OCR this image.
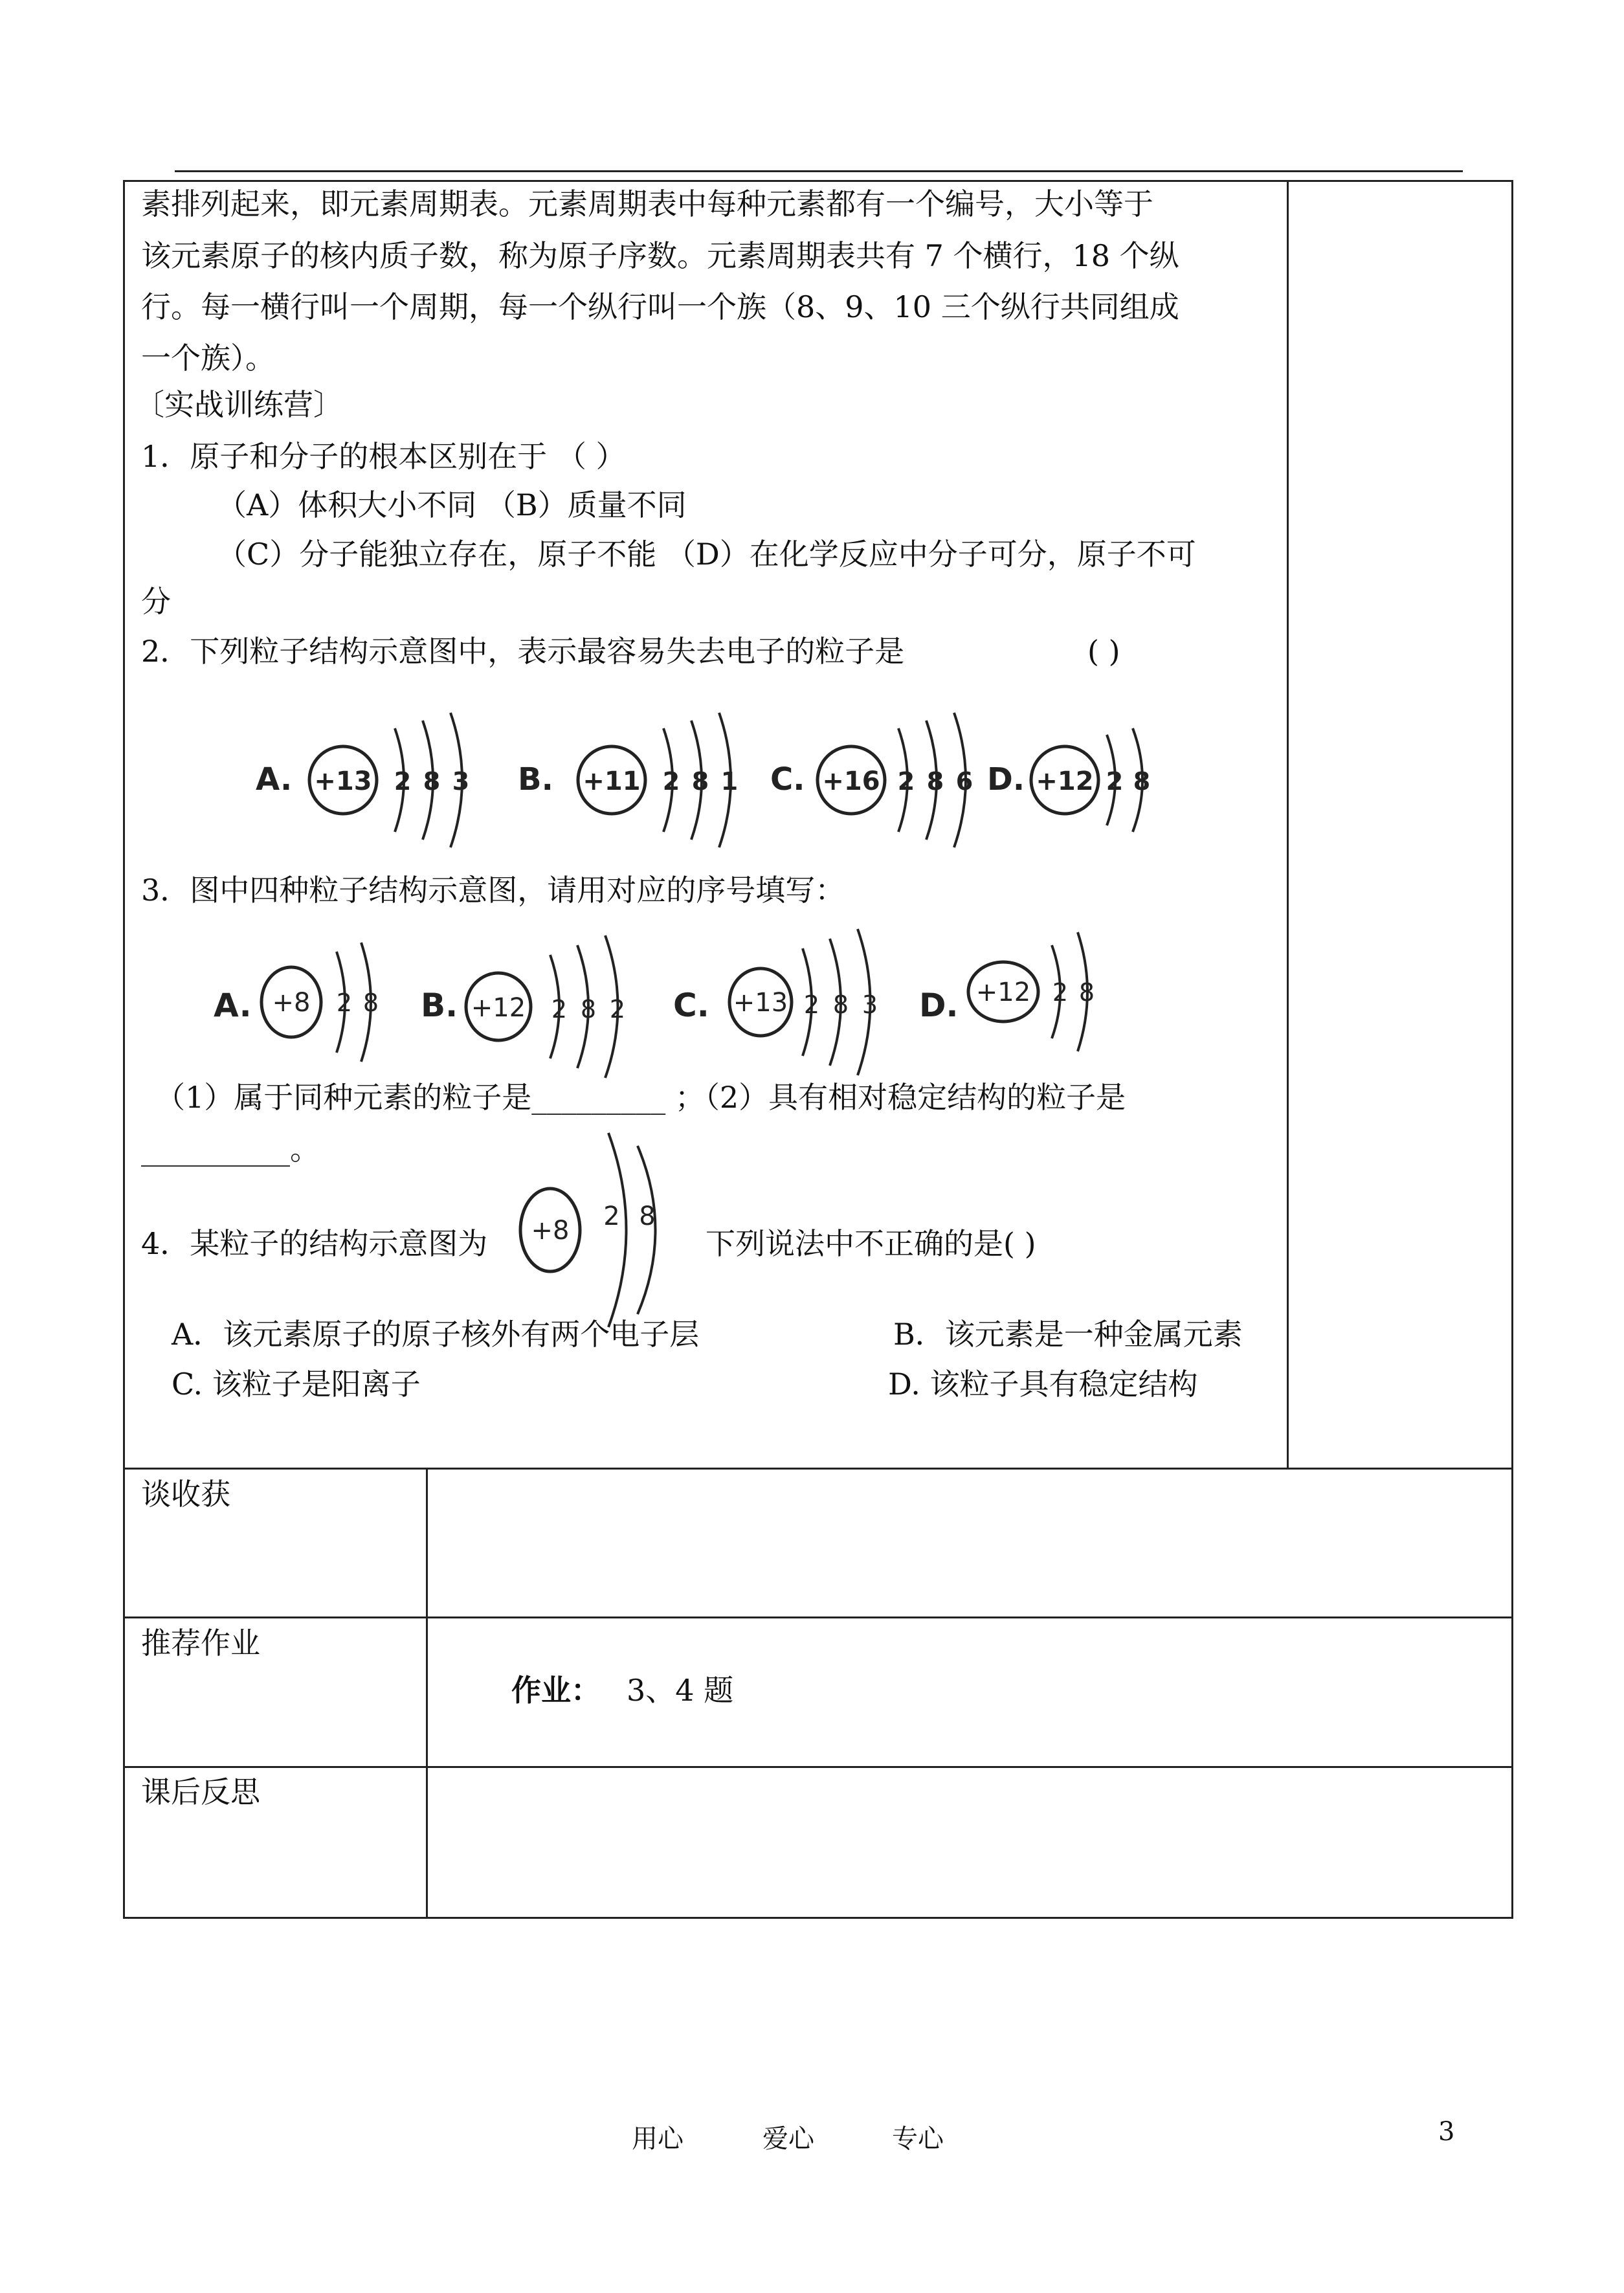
素排列起来，即元素周期表。元素周期表中每种元素都有一个编号，大小等于
该元素原子的核内质子数，称为原子序数。元素周期表共有 7 个横行，18 个纵
行。每一横行叫一个周期，每一个纵行叫一个族（8、9、10 三个纵行共同组成
一个族）。
〔实战训练营〕
1．原子和分子的根本区别在于 （ ）
（A）体积大小不同 （B）质量不同
（C）分子能独立存在，原子不能 （D）在化学反应中分子可分，原子不可
分
2．下列粒子结构示意图中，表示最容易失去电子的粒子是	( )
A. +13 2 8 3 B. +11 2 8 1 C. +16 2 8 6 D. +12 2 8
3．图中四种粒子结构示意图，请用对应的序号填写：
A. +8 2 8 B. +12 2 8 2 C. +13 2 8 3 D. +12 2 8
（1）属于同种元素的粒子是_________ ；（2）具有相对稳定结构的粒子是
__________。
4．某粒子的结构示意图为	下列说法中不正确的是( )
+8 2 8
A．该元素原子的原子核外有两个电子层	B．该元素是一种金属元素
C. 该粒子是阳离子	D. 该粒子具有稳定结构
谈收获
推荐作业
作业： 3、4 题
课后反思
用心	爱心	专心	3
